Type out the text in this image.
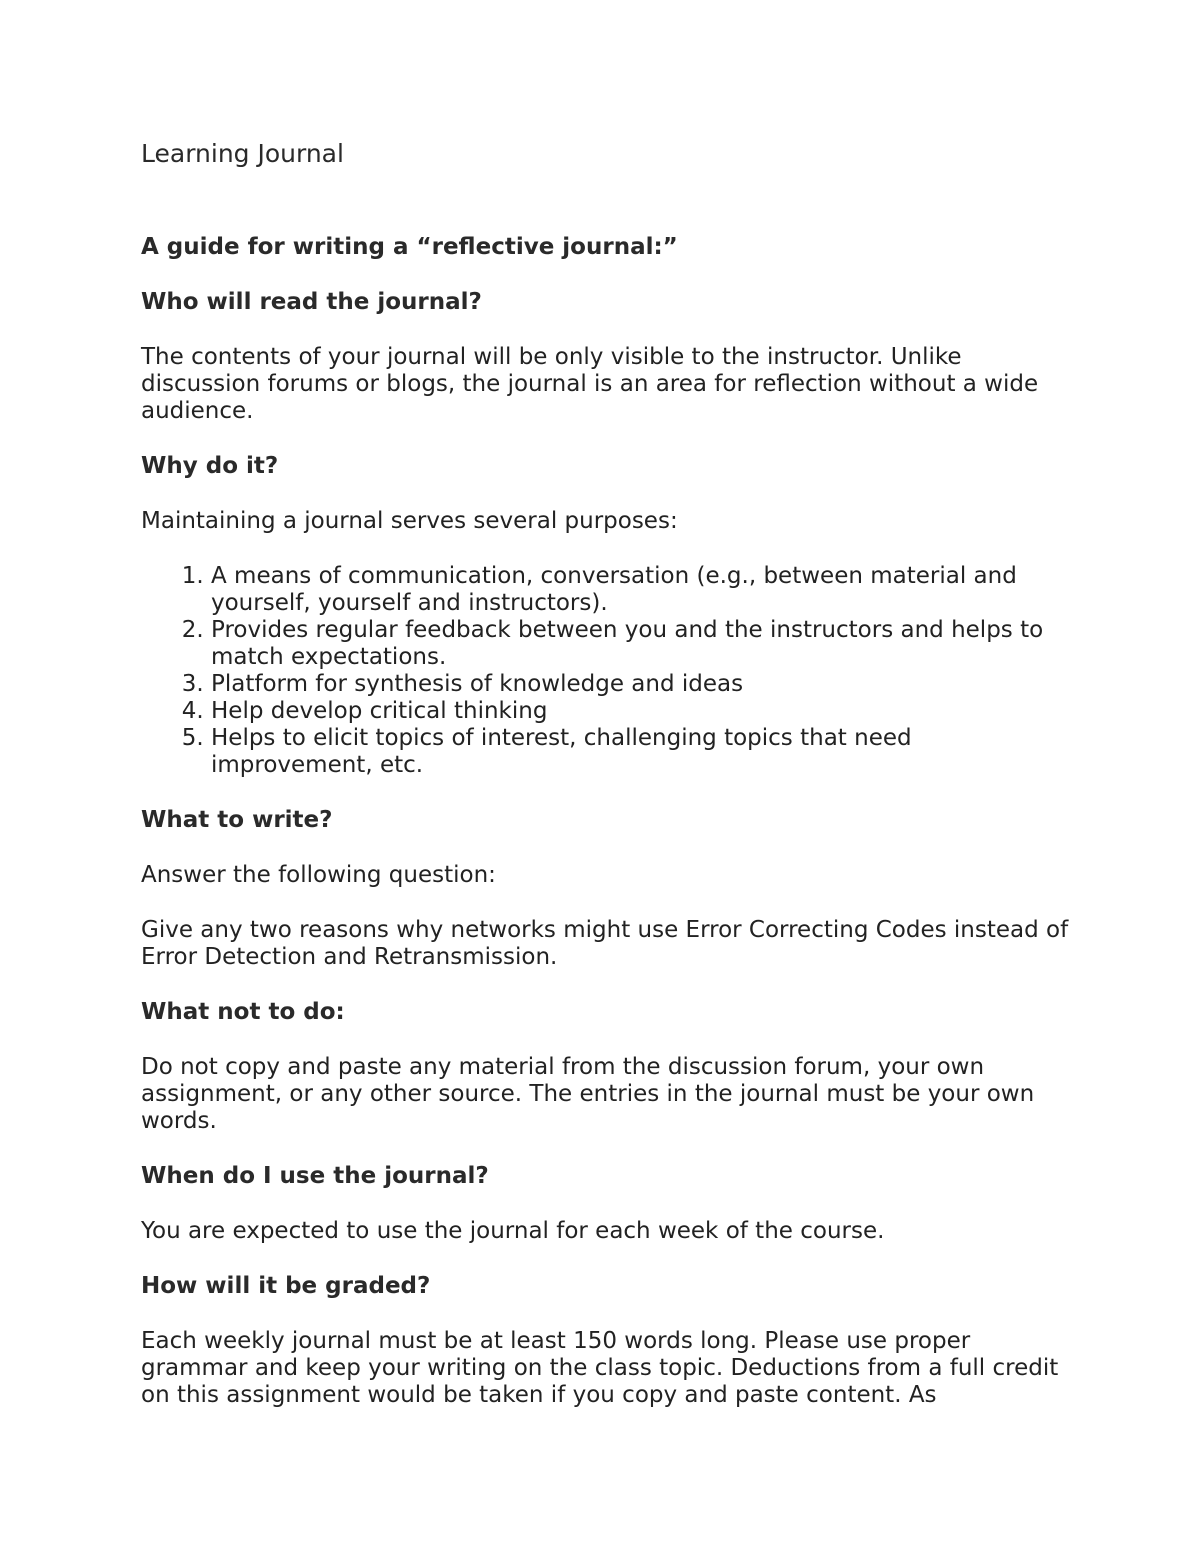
Learning Journal

A guide for writing a “reflective journal:”

Who will read the journal?

The contents of your journal will be only visible to the instructor. Unlike discussion forums or blogs, the journal is an area for reflection without a wide audience.

Why do it?

Maintaining a journal serves several purposes:

1. A means of communication, conversation (e.g., between material and yourself, yourself and instructors).
2. Provides regular feedback between you and the instructors and helps to match expectations.
3. Platform for synthesis of knowledge and ideas
4. Help develop critical thinking
5. Helps to elicit topics of interest, challenging topics that need improvement, etc.

What to write?

Answer the following question:

Give any two reasons why networks might use Error Correcting Codes instead of Error Detection and Retransmission.

What not to do:

Do not copy and paste any material from the discussion forum, your own assignment, or any other source. The entries in the journal must be your own words.

When do I use the journal?

You are expected to use the journal for each week of the course.

How will it be graded?

Each weekly journal must be at least 150 words long. Please use proper grammar and keep your writing on the class topic. Deductions from a full credit on this assignment would be taken if you copy and paste content. As
